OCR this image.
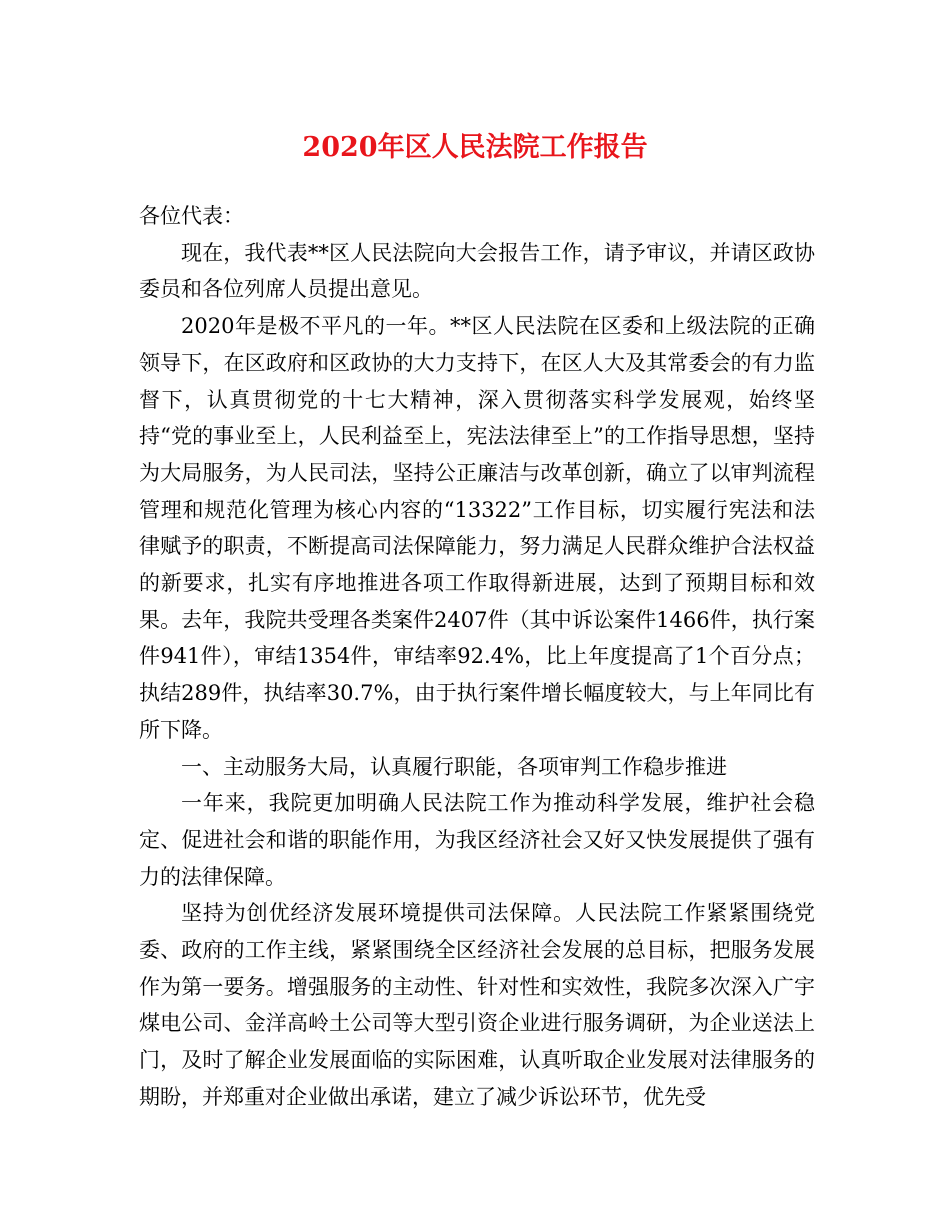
2020年区人民法院工作报告

各位代表：

现在，我代表**区人民法院向大会报告工作，请予审议，并请区政协委员和各位列席人员提出意见。

2020年是极不平凡的一年。**区人民法院在区委和上级法院的正确领导下，在区政府和区政协的大力支持下，在区人大及其常委会的有力监督下，认真贯彻党的十七大精神，深入贯彻落实科学发展观，始终坚持“党的事业至上，人民利益至上，宪法法律至上”的工作指导思想，坚持为大局服务，为人民司法，坚持公正廉洁与改革创新，确立了以审判流程管理和规范化管理为核心内容的“13322”工作目标，切实履行宪法和法律赋予的职责，不断提高司法保障能力，努力满足人民群众维护合法权益的新要求，扎实有序地推进各项工作取得新进展，达到了预期目标和效果。去年，我院共受理各类案件2407件（其中诉讼案件1466件，执行案件941件），审结1354件，审结率92.4%，比上年度提高了1个百分点；执结289件，执结率30.7%，由于执行案件增长幅度较大，与上年同比有所下降。

一、主动服务大局，认真履行职能，各项审判工作稳步推进

一年来，我院更加明确人民法院工作为推动科学发展，维护社会稳定、促进社会和谐的职能作用，为我区经济社会又好又快发展提供了强有力的法律保障。

坚持为创优经济发展环境提供司法保障。人民法院工作紧紧围绕党委、政府的工作主线，紧紧围绕全区经济社会发展的总目标，把服务发展作为第一要务。增强服务的主动性、针对性和实效性，我院多次深入广宇煤电公司、金洋高岭土公司等大型引资企业进行服务调研，为企业送法上门，及时了解企业发展面临的实际困难，认真听取企业发展对法律服务的期盼，并郑重对企业做出承诺，建立了减少诉讼环节，优先受
